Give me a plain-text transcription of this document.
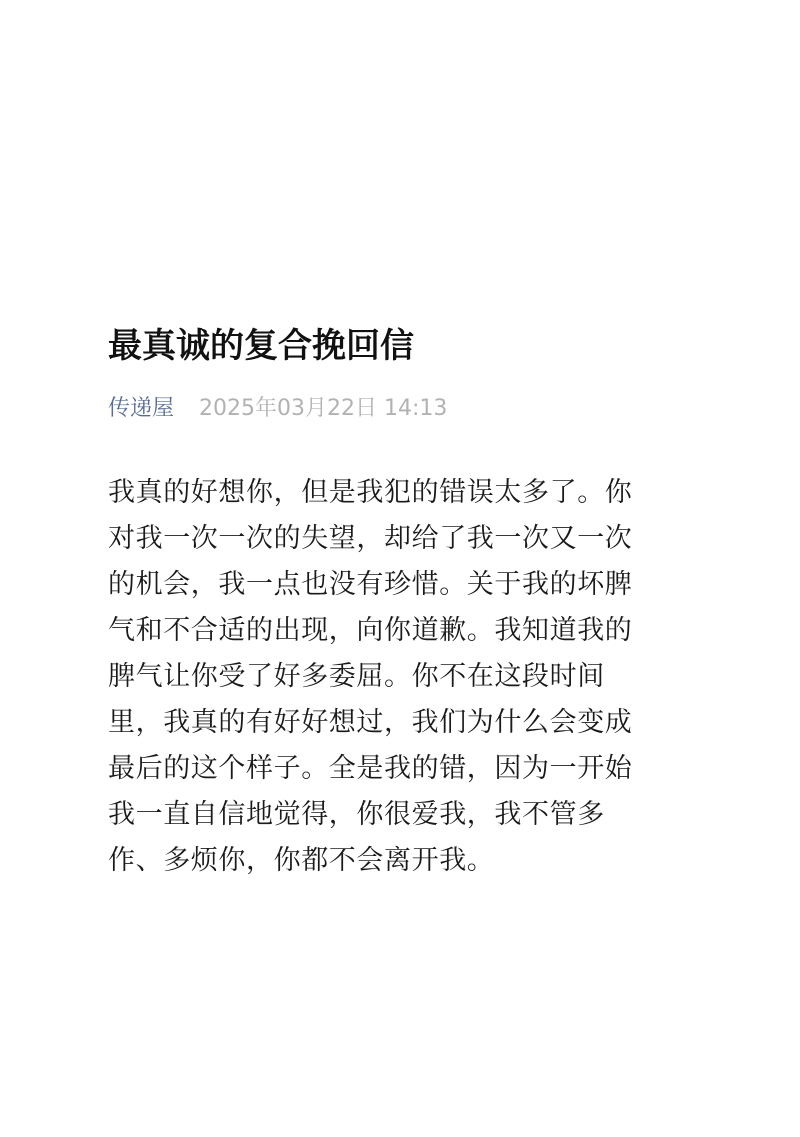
最真诚的复合挽回信
传递屋 2025年03月22日 14:13

我真的好想你，但是我犯的错误太多了。你
对我一次一次的失望，却给了我一次又一次
的机会，我一点也没有珍惜。关于我的坏脾
气和不合适的出现，向你道歉。我知道我的
脾气让你受了好多委屈。你不在这段时间
里，我真的有好好想过，我们为什么会变成
最后的这个样子。全是我的错，因为一开始
我一直自信地觉得，你很爱我，我不管多
作、多烦你，你都不会离开我。
